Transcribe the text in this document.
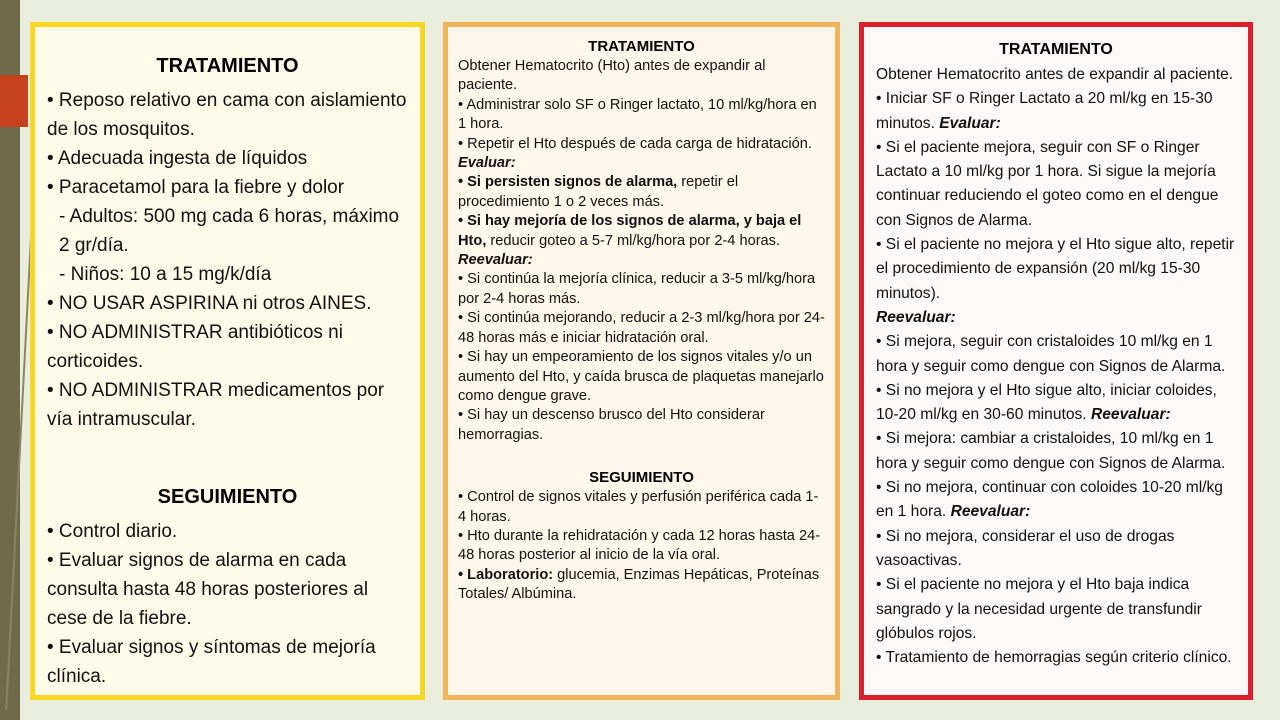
TRATAMIENTO

• Reposo relativo en cama con aislamiento de los mosquitos.

• Adecuada ingesta de líquidos

• Paracetamol para la fiebre y dolor

- Adultos: 500 mg cada 6 horas, máximo 2 gr/día.

- Niños: 10 a 15 mg/k/día

• NO USAR ASPIRINA ni otros AINES.

• NO ADMINISTRAR antibióticos ni corticoides.

• NO ADMINISTRAR medicamentos por vía intramuscular.

SEGUIMIENTO

• Control diario.

• Evaluar signos de alarma en cada consulta hasta 48 horas posteriores al cese de la fiebre.

• Evaluar signos y síntomas de mejoría clínica.

TRATAMIENTO

Obtener Hematocrito (Hto) antes de expandir al paciente.

• Administrar solo SF o Ringer lactato, 10 ml/kg/hora en 1 hora.

• Repetir el Hto después de cada carga de hidratación.

Evaluar:

• Si persisten signos de alarma, repetir el procedimiento 1 o 2 veces más.

• Si hay mejoría de los signos de alarma, y baja el Hto, reducir goteo a 5-7 ml/kg/hora por 2-4 horas. Reevaluar:

• Si continúa la mejoría clínica, reducir a 3-5 ml/kg/hora por 2-4 horas más.

• Si continúa mejorando, reducir a 2-3 ml/kg/hora por 24-48 horas más e iniciar hidratación oral.

• Si hay un empeoramiento de los signos vitales y/o un aumento del Hto, y caída brusca de plaquetas manejarlo como dengue grave.

• Si hay un descenso brusco del Hto considerar hemorragias.

SEGUIMIENTO

• Control de signos vitales y perfusión periférica cada 1-4 horas.

• Hto durante la rehidratación y cada 12 horas hasta 24-48 horas posterior al inicio de la vía oral.

• Laboratorio: glucemia, Enzimas Hepáticas, Proteínas Totales/ Albúmina.

TRATAMIENTO

Obtener Hematocrito antes de expandir al paciente.

• Iniciar SF o Ringer Lactato a 20 ml/kg en 15-30 minutos. Evaluar:

• Si el paciente mejora, seguir con SF o Ringer Lactato a 10 ml/kg por 1 hora. Si sigue la mejoría continuar reduciendo el goteo como en el dengue con Signos de Alarma.

• Si el paciente no mejora y el Hto sigue alto, repetir el procedimiento de expansión (20 ml/kg 15-30 minutos).

Reevaluar:

• Si mejora, seguir con cristaloides 10 ml/kg en 1 hora y seguir como dengue con Signos de Alarma.

• Si no mejora y el Hto sigue alto, iniciar coloides, 10-20 ml/kg en 30-60 minutos. Reevaluar:

• Si mejora: cambiar a cristaloides, 10 ml/kg en 1 hora y seguir como dengue con Signos de Alarma.

• Si no mejora, continuar con coloides 10-20 ml/kg en 1 hora. Reevaluar:

• Si no mejora, considerar el uso de drogas vasoactivas.

• Si el paciente no mejora y el Hto baja indica sangrado y la necesidad urgente de transfundir glóbulos rojos.

• Tratamiento de hemorragias según criterio clínico.
